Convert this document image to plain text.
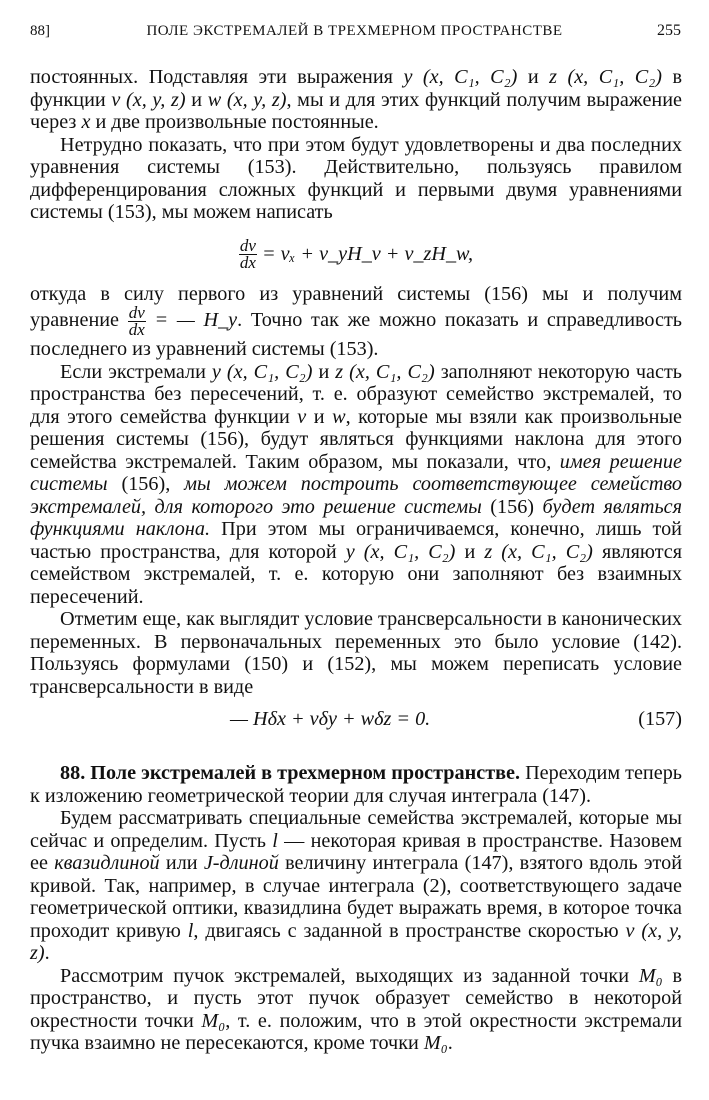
88]	ПОЛЕ ЭКСТРЕМАЛЕЙ В ТРЕХМЕРНОМ ПРОСТРАНСТВЕ	255

постоянных. Подставляя эти выражения y (x, C₁, C₂) и z (x, C₁, C₂) в функции v (x, y, z) и w (x, y, z), мы и для этих функций получим выражение через x и две произвольные постоянные.

Нетрудно показать, что при этом будут удовлетворены и два последних уравнения системы (153). Действительно, пользуясь правилом дифференцирования сложных функций и первыми двумя уравнениями системы (153), мы можем написать

$\frac{dv}{dx} = v_x$ + v_yH_v + v_zH_w,

откуда в силу первого из уравнений системы (156) мы и получим уравнение $\frac{dv}{dx}$ = — H_y. Точно так же можно показать и справедливость последнего из уравнений системы (153).

Если экстремали y (x, C₁, C₂) и z (x, C₁, C₂) заполняют некоторую часть пространства без пересечений, т. е. образуют семейство экстремалей, то для этого семейства функции v и w, которые мы взяли как произвольные решения системы (156), будут являться функциями наклона для этого семейства экстремалей. Таким образом, мы показали, что, имея решение системы (156), мы можем построить соответствующее семейство экстремалей, для которого это решение системы (156) будет являться функциями наклона. При этом мы ограничиваемся, конечно, лишь той частью пространства, для которой y (x, C₁, C₂) и z (x, C₁, C₂) являются семейством экстремалей, т. е. которую они заполняют без взаимных пересечений.

Отметим еще, как выглядит условие трансверсальности в канонических переменных. В первоначальных переменных это было условие (142). Пользуясь формулами (150) и (152), мы можем переписать условие трансверсальности в виде

— Hδx + vδy + wδz = 0.	(157)

88. Поле экстремалей в трехмерном пространстве. Переходим теперь к изложению геометрической теории для случая интеграла (147).

Будем рассматривать специальные семейства экстремалей, которые мы сейчас и определим. Пусть l — некоторая кривая в пространстве. Назовем ее квазидлиной или J-длиной величину интеграла (147), взятого вдоль этой кривой. Так, например, в случае интеграла (2), соответствующего задаче геометрической оптики, квазидлина будет выражать время, в которое точка проходит кривую l, двигаясь с заданной в пространстве скоростью v (x, y, z).

Рассмотрим пучок экстремалей, выходящих из заданной точки M₀ в пространство, и пусть этот пучок образует семейство в некоторой окрестности точки M₀, т. е. положим, что в этой окрестности экстремали пучка взаимно не пересекаются, кроме точки M₀.
